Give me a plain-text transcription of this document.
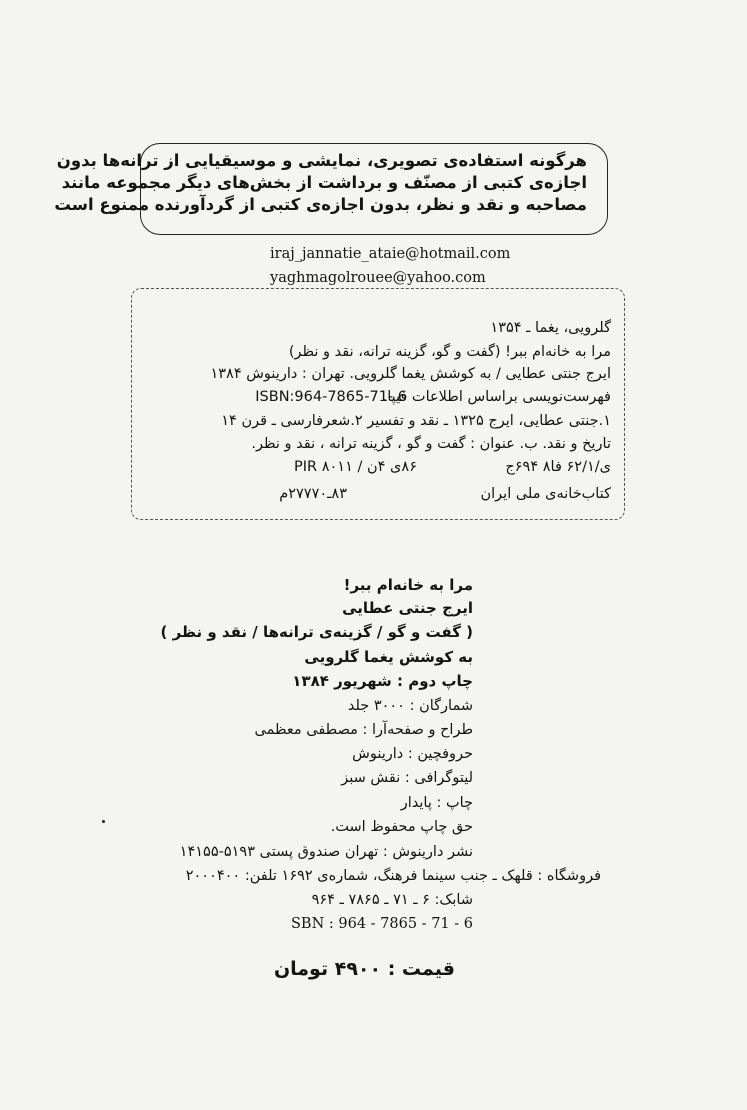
هرگونه استفاده‌ی تصویری، نمایشی و موسیقیایی از ترانه‌ها بدون
اجازه‌ی کتبی از مصنّف و برداشت از بخش‌های دیگر مجموعه مانند
مصاحبه و نقد و نظر، بدون اجازه‌ی کتبی از گردآورنده ممنوع است
iraj_jannatie_ataie@hotmail.com
yaghmagolrouee@yahoo.com
گلرویی، یغما ـ ۱۳۵۴
مرا به خانه‌ام ببر! (گفت و گو، گزینه ترانه، نقد و نظر)
ایرج جنتی عطایی / به کوشش یغما گلرویی. تهران : دارینوش ۱۳۸۴
ISBN:964-7865-71- 6
فهرست‌نویسی براساس اطلاعات فیپا.
۱.جنتی عطایی، ایرج ۱۳۲۵ ـ نقد و تفسیر ۲.شعرفارسی ـ قرن ۱۴
تاریخ و نقد. ب. عنوان : گفت و گو ، گزینه ترانه ، نقد و نظر.
۸۶ی ۴ن / ۸۰۱۱ PIR	ی/۶۲/۱ فا۸ ۶۹۴ج
کتاب‌خانه‌ی ملی ایران
۸۳ـ۲۷۷۷۰م
مرا به خانه‌ام ببر!
ایرج جنتی عطایی
( گفت و گو / گزینه‌ی ترانه‌ها / نقد و نظر )
به کوشش یغما گلرویی
چاپ دوم : شهریور ۱۳۸۴
شمارگان : ۳۰۰۰ جلد
طراح و صفحه‌آرا : مصطفی معظمی
حروفچین : دارینوش
لیتوگرافی : نقش سبز
چاپ : پایدار
حق چاپ محفوظ است.
نشر دارینوش : تهران صندوق پستی ۵۱۹۳-۱۴۱۵۵
فروشگاه : قلهک ـ جنب سینما فرهنگ، شماره‌ی ۱۶۹۲ تلفن: ۲۰۰۰۴۰۰
شابک: ۶ ـ ۷۱ ـ ۷۸۶۵ ـ ۹۶۴
SBN : 964 - 7865 - 71 - 6
قیمت : ۴۹۰۰ تومان
